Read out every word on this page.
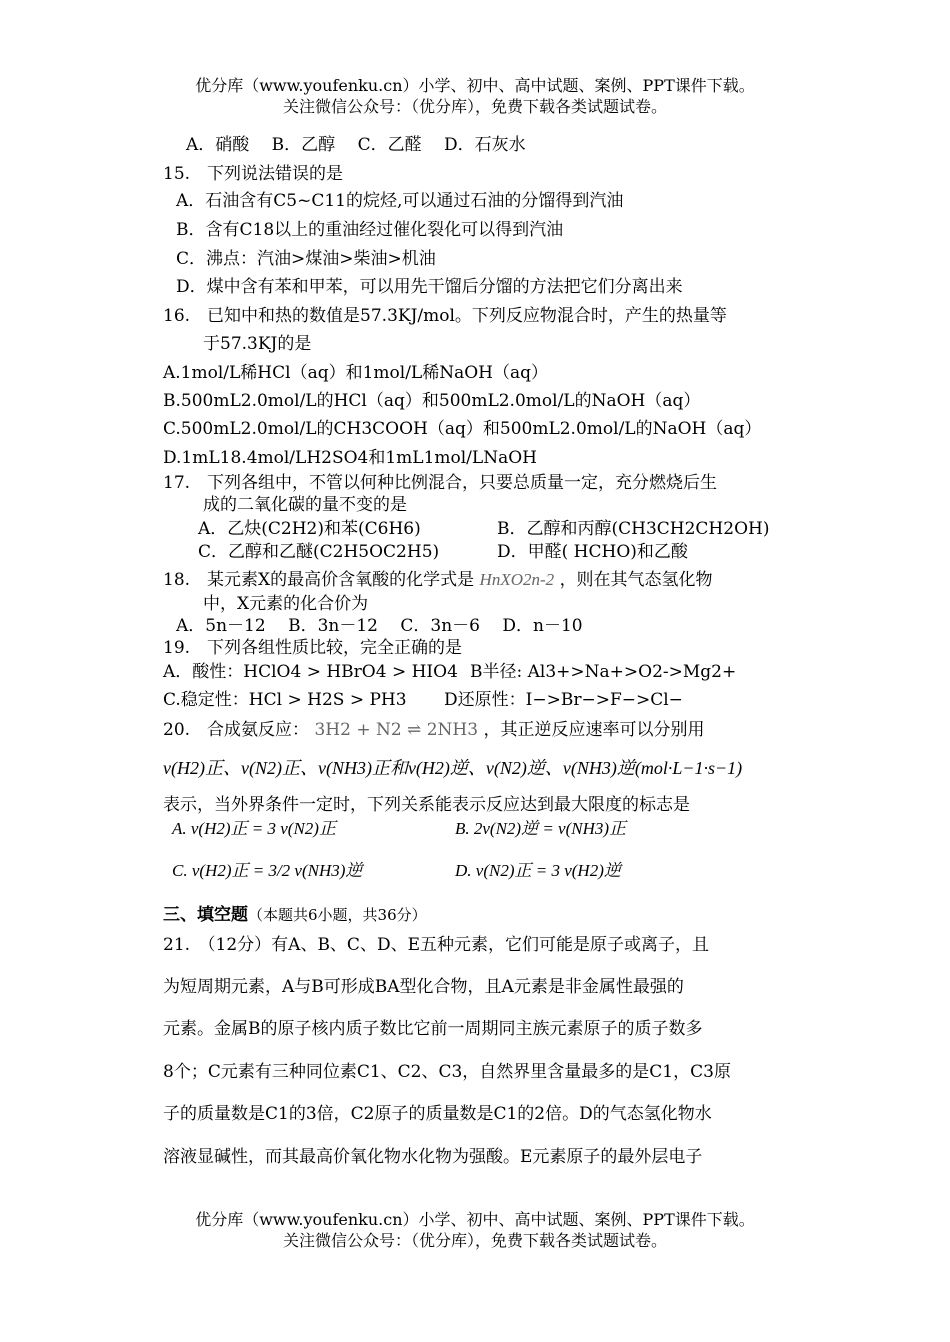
优分库（www.youfenku.cn）小学、初中、高中试题、案例、PPT课件下载。
关注微信公众号：（优分库），免费下载各类试题试卷。
A．硝酸　 B．乙醇　 C．乙醛　 D．石灰水
15.　下列说法错误的是
A．石油含有C5~C11的烷烃,可以通过石油的分馏得到汽油
B．含有C18以上的重油经过催化裂化可以得到汽油
C．沸点：汽油>煤油>柴油>机油
D．煤中含有苯和甲苯，可以用先干馏后分馏的方法把它们分离出来
16.　已知中和热的数值是57.3KJ/mol。下列反应物混合时，产生的热量等
于57.3KJ的是
A.1mol/L稀HCl（aq）和1mol/L稀NaOH（aq）
B.500mL2.0mol/L的HCl（aq）和500mL2.0mol/L的NaOH（aq）
C.500mL2.0mol/L的CH3COOH（aq）和500mL2.0mol/L的NaOH（aq）
D.1mL18.4mol/LH2SO4和1mL1mol/LNaOH
17.　下列各组中，不管以何种比例混合，只要总质量一定，充分燃烧后生
成的二氧化碳的量不变的是
A．乙炔(C2H2)和苯(C6H6)	B．乙醇和丙醇(CH3CH2CH2OH)
C．乙醇和乙醚(C2H5OC2H5)	D．甲醛( HCHO)和乙酸
18.　某元素X的最高价含氧酸的化学式是 HnXO2n-2 ，则在其气态氢化物
中，X元素的化合价为
A．5n－12　 B．3n－12　 C．3n－6　 D．n－10
19.　下列各组性质比较，完全正确的是
A．酸性：HClO4 > HBrO4 > HIO4 B半径: Al3+>Na+>O2->Mg2+
C.稳定性：HCl > H2S > PH3 D还原性：I−>Br−>F−>Cl−
20.　合成氨反应： 3H2 + N2 ⇌ 2NH3 ，其正逆反应速率可以分别用
v(H2)正、v(N2)正、v(NH3)正和v(H2)逆、v(N2)逆、v(NH3)逆(mol·L−1·s−1)
表示，当外界条件一定时，下列关系能表示反应达到最大限度的标志是
A. v(H2)正 = 3 v(N2)正	B. 2v(N2)逆 = v(NH3)正
C. v(H2)正 = 3/2 v(NH3)逆	D. v(N2)正 = 3 v(H2)逆
三、填空题（本题共6小题，共36分）
21.　（12分）有A、B、C、D、E五种元素，它们可能是原子或离子，且
为短周期元素，A与B可形成BA型化合物，且A元素是非金属性最强的
元素。金属B的原子核内质子数比它前一周期同主族元素原子的质子数多
8个；C元素有三种同位素C1、C2、C3，自然界里含量最多的是C1，C3原
子的质量数是C1的3倍，C2原子的质量数是C1的2倍。D的气态氢化物水
溶液显碱性，而其最高价氧化物水化物为强酸。E元素原子的最外层电子
优分库（www.youfenku.cn）小学、初中、高中试题、案例、PPT课件下载。
关注微信公众号：（优分库），免费下载各类试题试卷。
